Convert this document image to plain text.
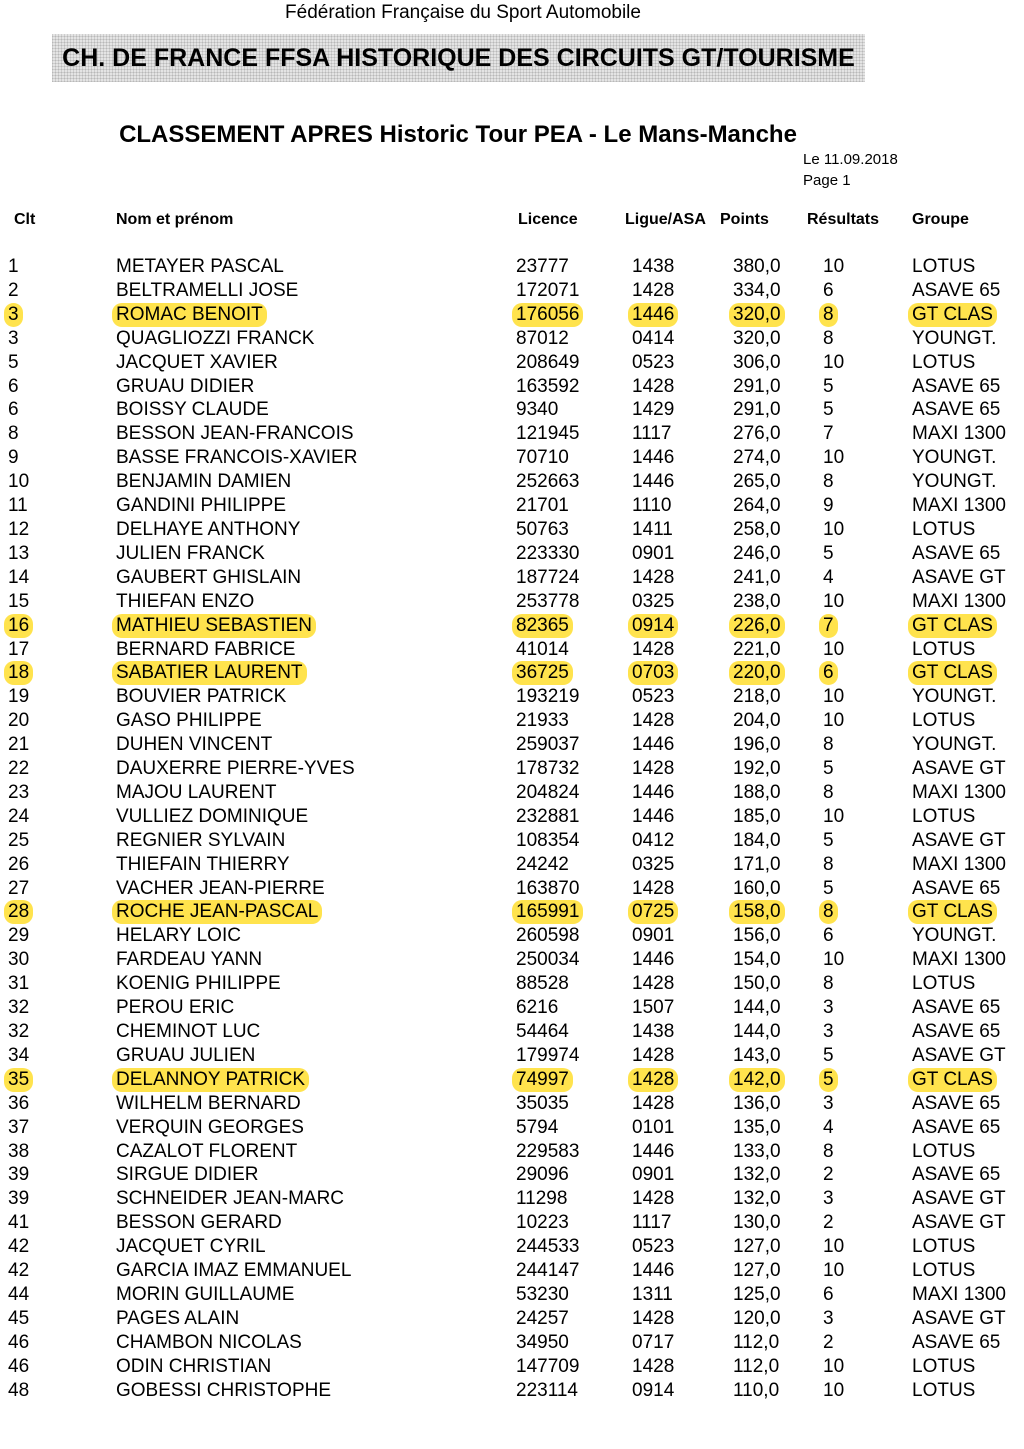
Fédération Française du Sport Automobile
CH. DE FRANCE FFSA HISTORIQUE DES CIRCUITS GT/TOURISME
CLASSEMENT APRES Historic Tour PEA - Le Mans-Manche
Le 11.09.2018
Page 1
Clt	Nom et prénom	Licence	Ligue/ASA Points Résultats Groupe
1	METAYER PASCAL	23777	1438	380,0 10	LOTUS
2	BELTRAMELLI JOSE	172071	1428	334,0 6	ASAVE 65
3	ROMAC BENOIT	176056	1446	320,0 8	GT CLAS
3	QUAGLIOZZI FRANCK	87012	0414	320,0 8	YOUNGT.
5	JACQUET XAVIER	208649	0523	306,0 10	LOTUS
6	GRUAU DIDIER	163592	1428	291,0 5	ASAVE 65
6	BOISSY CLAUDE	9340	1429	291,0 5	ASAVE 65
8	BESSON JEAN-FRANCOIS	121945	1117	276,0 7	MAXI 1300
9	BASSE FRANCOIS-XAVIER	70710	1446	274,0 10	YOUNGT.
10	BENJAMIN DAMIEN	252663	1446	265,0 8	YOUNGT.
11	GANDINI PHILIPPE	21701	1110	264,0 9	MAXI 1300
12	DELHAYE ANTHONY	50763	1411	258,0 10	LOTUS
13	JULIEN FRANCK	223330	0901	246,0 5	ASAVE 65
14	GAUBERT GHISLAIN	187724	1428	241,0 4	ASAVE GT
15	THIEFAN ENZO	253778	0325	238,0 10	MAXI 1300
16	MATHIEU SEBASTIEN	82365	0914	226,0 7	GT CLAS
17	BERNARD FABRICE	41014	1428	221,0 10	LOTUS
18	SABATIER LAURENT	36725	0703	220,0 6	GT CLAS
19	BOUVIER PATRICK	193219	0523	218,0 10	YOUNGT.
20	GASO PHILIPPE	21933	1428	204,0 10	LOTUS
21	DUHEN VINCENT	259037	1446	196,0 8	YOUNGT.
22	DAUXERRE PIERRE-YVES	178732	1428	192,0 5	ASAVE GT
23	MAJOU LAURENT	204824	1446	188,0 8	MAXI 1300
24	VULLIEZ DOMINIQUE	232881	1446	185,0 10	LOTUS
25	REGNIER SYLVAIN	108354	0412	184,0 5	ASAVE GT
26	THIEFAIN THIERRY	24242	0325	171,0 8	MAXI 1300
27	VACHER JEAN-PIERRE	163870	1428	160,0 5	ASAVE 65
28	ROCHE JEAN-PASCAL	165991	0725	158,0 8	GT CLAS
29	HELARY LOIC	260598	0901	156,0 6	YOUNGT.
30	FARDEAU YANN	250034	1446	154,0 10	MAXI 1300
31	KOENIG PHILIPPE	88528	1428	150,0 8	LOTUS
32	PEROU ERIC	6216	1507	144,0 3	ASAVE 65
32	CHEMINOT LUC	54464	1438	144,0 3	ASAVE 65
34	GRUAU JULIEN	179974	1428	143,0 5	ASAVE GT
35	DELANNOY PATRICK	74997	1428	142,0 5	GT CLAS
36	WILHELM BERNARD	35035	1428	136,0 3	ASAVE 65
37	VERQUIN GEORGES	5794	0101	135,0 4	ASAVE 65
38	CAZALOT FLORENT	229583	1446	133,0 8	LOTUS
39	SIRGUE DIDIER	29096	0901	132,0 2	ASAVE 65
39	SCHNEIDER JEAN-MARC	11298	1428	132,0 3	ASAVE GT
41	BESSON GERARD	10223	1117	130,0 2	ASAVE GT
42	JACQUET CYRIL	244533	0523	127,0 10	LOTUS
42	GARCIA IMAZ EMMANUEL	244147	1446	127,0 10	LOTUS
44	MORIN GUILLAUME	53230	1311	125,0 6	MAXI 1300
45	PAGES ALAIN	24257	1428	120,0 3	ASAVE GT
46	CHAMBON NICOLAS	34950	0717	112,0 2	ASAVE 65
46	ODIN CHRISTIAN	147709	1428	112,0 10	LOTUS
48	GOBESSI CHRISTOPHE	223114	0914	110,0 10	LOTUS
